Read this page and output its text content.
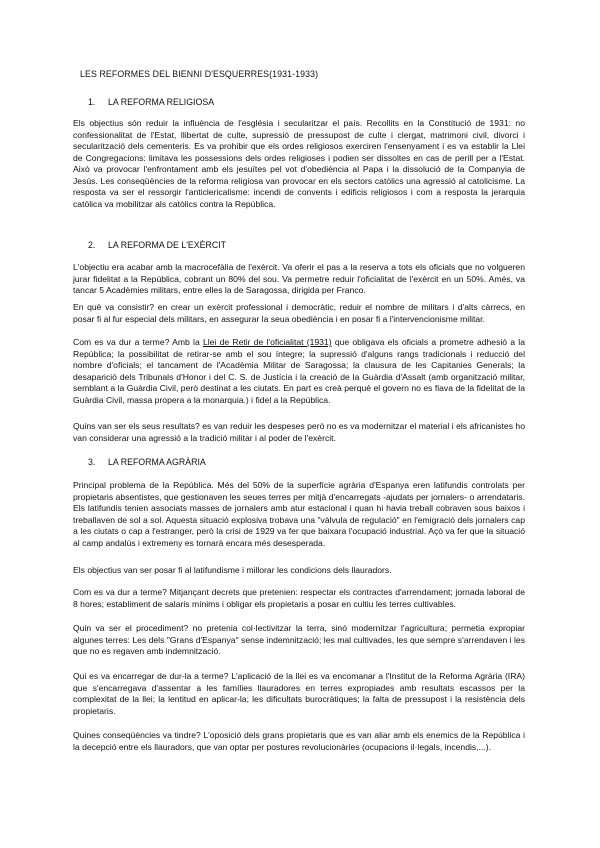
LES REFORMES DEL BIENNI D'ESQUERRES(1931-1933)
1. LA REFORMA RELIGIOSA
Els objectius són reduir la influència de l'església i secularitzar el país. Recollits en la Constitució de 1931: no confessionalitat de l'Estat, llibertat de culte, supressió de pressupost de culte i clergat, matrimoni civil, divorci i secularització dels cementeris. Es va prohibir que els ordes religiosos exerciren l'ensenyament i es va establir la Llei de Congregacions: limitava les possessions dels ordes religioses i podien ser dissoltes en cas de perill per a l'Estat. Això va provocar l'enfrontament amb els jesuïtes pel vot d'obediència al Papa i la dissolució de la Companyia de Jesús. Les conseqüències de la reforma religiosa van provocar en els sectors catòlics una agressió al catolicisme. La resposta va ser el ressorgir l'anticlericalisme: incendi de convents i edificis religiosos i com a resposta la jerarquia catòlica va mobilitzar als catòlics contra la República.
2. LA REFORMA DE L'EXÈRCIT
L'objectiu era acabar amb la macrocefàlia de l'exèrcit. Va oferir el pas a la reserva a tots els oficials que no volgueren jurar fidelitat a la República, cobrant un 80% del sou. Va permetre reduir l'oficialitat de l'exèrcit en un 50%. Amés, va tancar 5 Acadèmies militars, entre elles la de Saragossa, dirigida per Franco.
En què va consistir? en crear un exèrcit professional i democràtic, reduir el nombre de militars i d'alts càrrecs, en posar fi al fur especial dels militars, en assegurar la seua obediència i en posar fi a l'intervencionisme militar.
Com es va dur a terme? Amb la Llei de Retir de l'oficialitat (1931) que obligava els oficials a prometre adhesió a la República; la possibilitat de retirar-se amb el sou íntegre; la supressió d'alguns rangs tradicionals i reducció del nombre d'oficials; el tancament de l'Acadèmia Militar de Saragossa; la clausura de les Capitanies Generals; la desaparició dels Tribunals d'Honor i del C. S. de Justícia i la creació de la Guàrdia d'Assalt (amb organització militar, semblant a la Guàrdia Civil, però destinat a les ciutats. En part es creà perquè el govern no es fiava de la fidelitat de la Guàrdia Civil, massa propera a la monarquia.) i fidel a la República.
Quins van ser els seus resultats? es van reduir les despeses però no es va modernitzar el material i els africanistes ho van considerar una agressió a la tradició militar i al poder de l'exèrcit.
3. LA REFORMA AGRÀRIA
Principal problema de la República. Més del 50% de la superfície agrària d'Espanya eren latifundis controlats per propietaris absentistes, que gestionaven les seues terres per mitjà d'encarregats -ajudats per jornalers- o arrendataris. Els latifundis tenien associats masses de jornalers amb atur estacional i quan hi havia treball cobraven sous baixos i treballaven de sol a sol. Aquesta situació explosiva trobava una "vàlvula de regulació" en l'emigració dels jornalers cap a les ciutats o cap a l'estranger, però la crisi de 1929 va fer que baixara l'ocupació industrial. Açò va fer que la situació al camp andalús i extremeny es tornarà encara més desesperada.
Els objectius van ser posar fi al latifundisme i millorar les condicions dels llauradors.
Com es va dur a terme? Mitjançant decrets que pretenien: respectar els contractes d'arrendament; jornada laboral de 8 hores; establiment de salaris mínims i obligar els propietaris a posar en cultiu les terres cultivables.
Quin va ser el procediment? no pretenia col·lectivitzar la terra, sinó modernitzar l'agricultura; permetia expropiar algunes terres: Les dels "Grans d'Espanya" sense indemnització; les mal cultivades, les que sempre s'arrendaven i les que no es regaven amb indemnització.
Qui es va encarregar de dur-la a terme? L'aplicació de la llei es va encomanar a l'Institut de la Reforma Agrària (IRA) que s'encarregava d'assentar a les famílies llauradores en terres expropiades amb resultats escassos per la complexitat de la llei; la lentitud en aplicar-la; les dificultats burocràtiques; la falta de pressupost i la resistència dels propietaris.
Quines conseqüències va tindre? L'oposició dels grans propietaris que es van aliar amb els enemics de la República i la decepció entre els llauradors, que van optar per postures revolucionàries (ocupacions il·legals, incendis,...).
